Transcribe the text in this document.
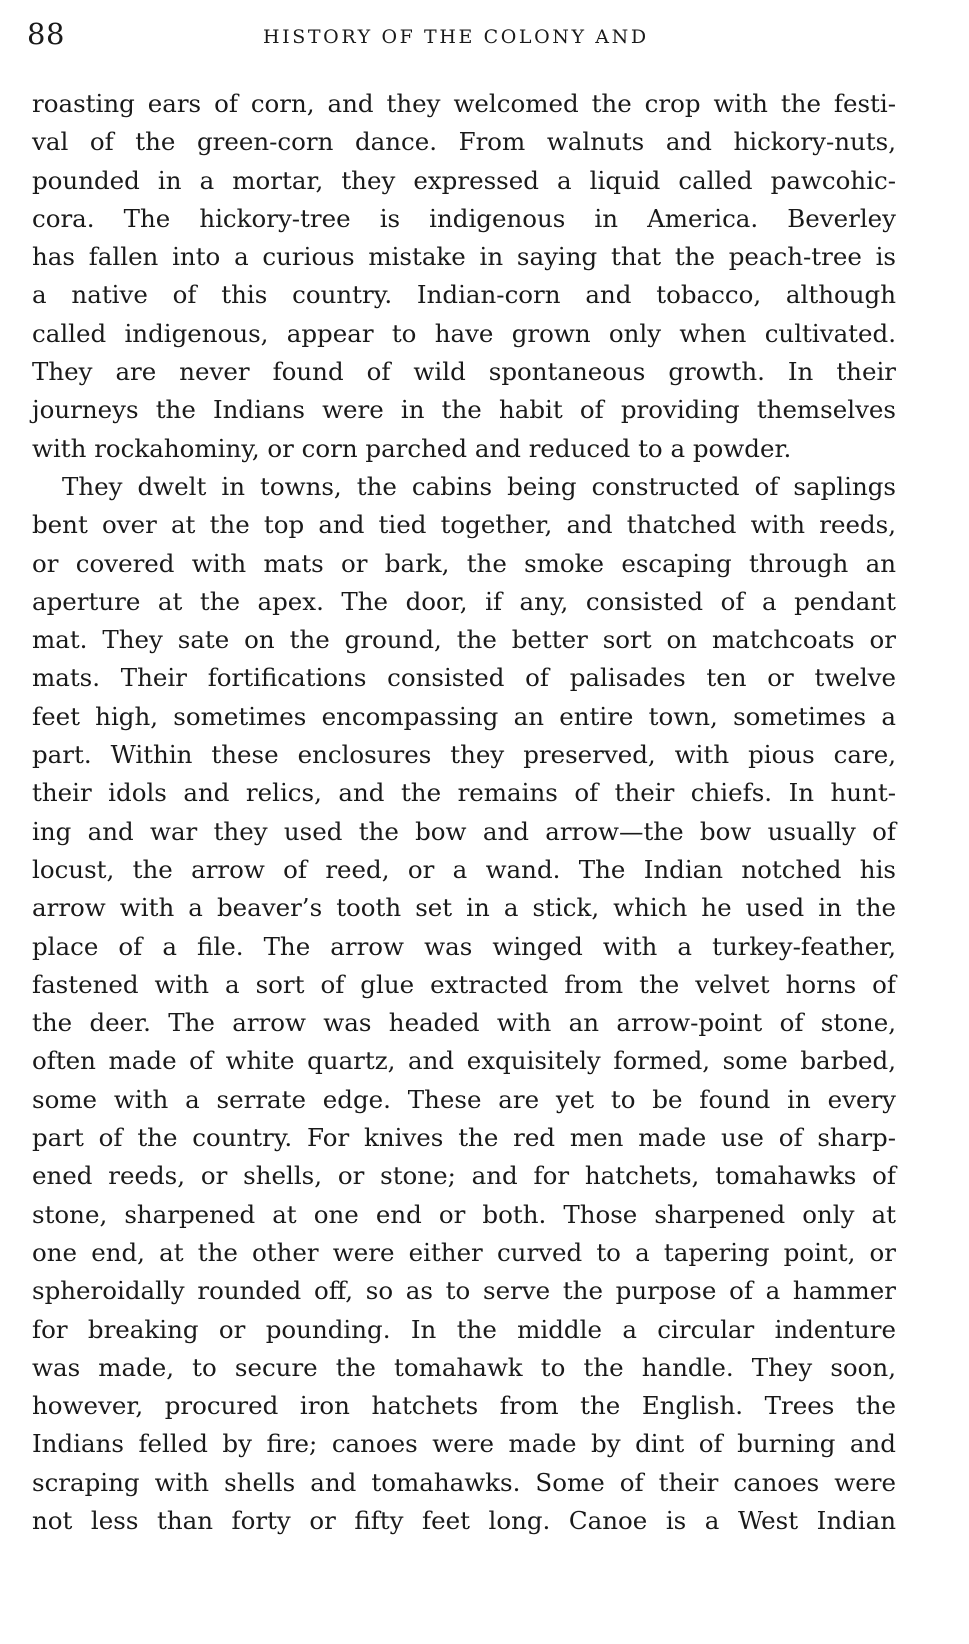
88	HISTORY OF THE COLONY AND
roasting ears of corn, and they welcomed the crop with the festi-
val of the green-corn dance. From walnuts and hickory-nuts,
pounded in a mortar, they expressed a liquid called pawcohic-
cora. The hickory-tree is indigenous in America. Beverley
has fallen into a curious mistake in saying that the peach-tree is
a native of this country. Indian-corn and tobacco, although
called indigenous, appear to have grown only when cultivated.
They are never found of wild spontaneous growth. In their
journeys the Indians were in the habit of providing themselves
with rockahominy, or corn parched and reduced to a powder.
They dwelt in towns, the cabins being constructed of saplings
bent over at the top and tied together, and thatched with reeds,
or covered with mats or bark, the smoke escaping through an
aperture at the apex. The door, if any, consisted of a pendant
mat. They sate on the ground, the better sort on matchcoats or
mats. Their fortifications consisted of palisades ten or twelve
feet high, sometimes encompassing an entire town, sometimes a
part. Within these enclosures they preserved, with pious care,
their idols and relics, and the remains of their chiefs. In hunt-
ing and war they used the bow and arrow—the bow usually of
locust, the arrow of reed, or a wand. The Indian notched his
arrow with a beaver’s tooth set in a stick, which he used in the
place of a file. The arrow was winged with a turkey-feather,
fastened with a sort of glue extracted from the velvet horns of
the deer. The arrow was headed with an arrow-point of stone,
often made of white quartz, and exquisitely formed, some barbed,
some with a serrate edge. These are yet to be found in every
part of the country. For knives the red men made use of sharp-
ened reeds, or shells, or stone; and for hatchets, tomahawks of
stone, sharpened at one end or both. Those sharpened only at
one end, at the other were either curved to a tapering point, or
spheroidally rounded off, so as to serve the purpose of a hammer
for breaking or pounding. In the middle a circular indenture
was made, to secure the tomahawk to the handle. They soon,
however, procured iron hatchets from the English. Trees the
Indians felled by fire; canoes were made by dint of burning and
scraping with shells and tomahawks. Some of their canoes were
not less than forty or fifty feet long. Canoe is a West Indian
